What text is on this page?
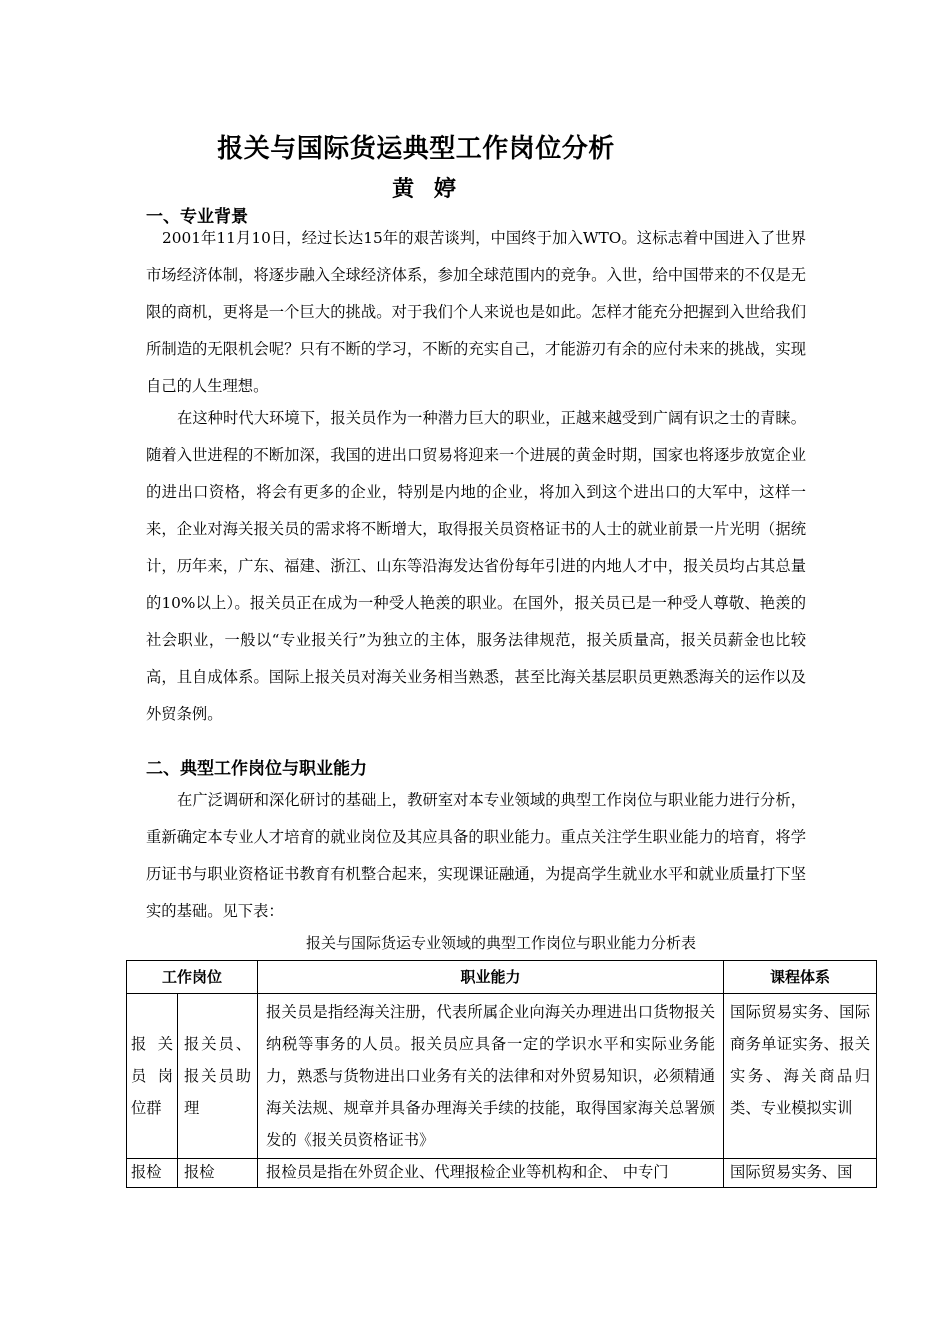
报关与国际货运典型工作岗位分析
黄 婷
一、专业背景

2001年11月10日，经过长达15年的艰苦谈判，中国终于加入WTO。这标志着中国进入了世界市场经济体制，将逐步融入全球经济体系，参加全球范围内的竞争。入世，给中国带来的不仅是无限的商机，更将是一个巨大的挑战。对于我们个人来说也是如此。怎样才能充分把握到入世给我们所制造的无限机会呢？只有不断的学习，不断的充实自己，才能游刃有余的应付未来的挑战，实现自己的人生理想。

在这种时代大环境下，报关员作为一种潜力巨大的职业，正越来越受到广阔有识之士的青睐。随着入世进程的不断加深，我国的进出口贸易将迎来一个进展的黄金时期，国家也将逐步放宽企业的进出口资格，将会有更多的企业，特别是内地的企业，将加入到这个进出口的大军中，这样一来，企业对海关报关员的需求将不断增大，取得报关员资格证书的人士的就业前景一片光明（据统计，历年来，广东、福建、浙江、山东等沿海发达省份每年引进的内地人才中，报关员均占其总量的10%以上）。报关员正在成为一种受人艳羡的职业。在国外，报关员已是一种受人尊敬、艳羡的社会职业，一般以“专业报关行”为独立的主体，服务法律规范，报关质量高，报关员薪金也比较高，且自成体系。国际上报关员对海关业务相当熟悉，甚至比海关基层职员更熟悉海关的运作以及外贸条例。

二、典型工作岗位与职业能力

在广泛调研和深化研讨的基础上，教研室对本专业领域的典型工作岗位与职业能力进行分析，重新确定本专业人才培育的就业岗位及其应具备的职业能力。重点关注学生职业能力的培育，将学历证书与职业资格证书教育有机整合起来，实现课证融通，为提高学生就业水平和就业质量打下坚实的基础。见下表：

报关与国际货运专业领域的典型工作岗位与职业能力分析表
工作岗位		职业能力	课程体系

报关员岗位群	报关员、报关员助理	报关员是指经海关注册，代表所属企业向海关办理进出口货物报关纳税等事务的人员。报关员应具备一定的学识水平和实际业务能力，熟悉与货物进出口业务有关的法律和对外贸易知识，必须精通海关法规、规章并具备办理海关手续的技能，取得国家海关总署颁发的《报关员资格证书》	国际贸易实务、国际商务单证实务、报关实务、海关商品归类、专业模拟实训

报检	报检	报检员是指在外贸企业、代理报检企业等机构和企、 中专门	国际贸易实务、国
